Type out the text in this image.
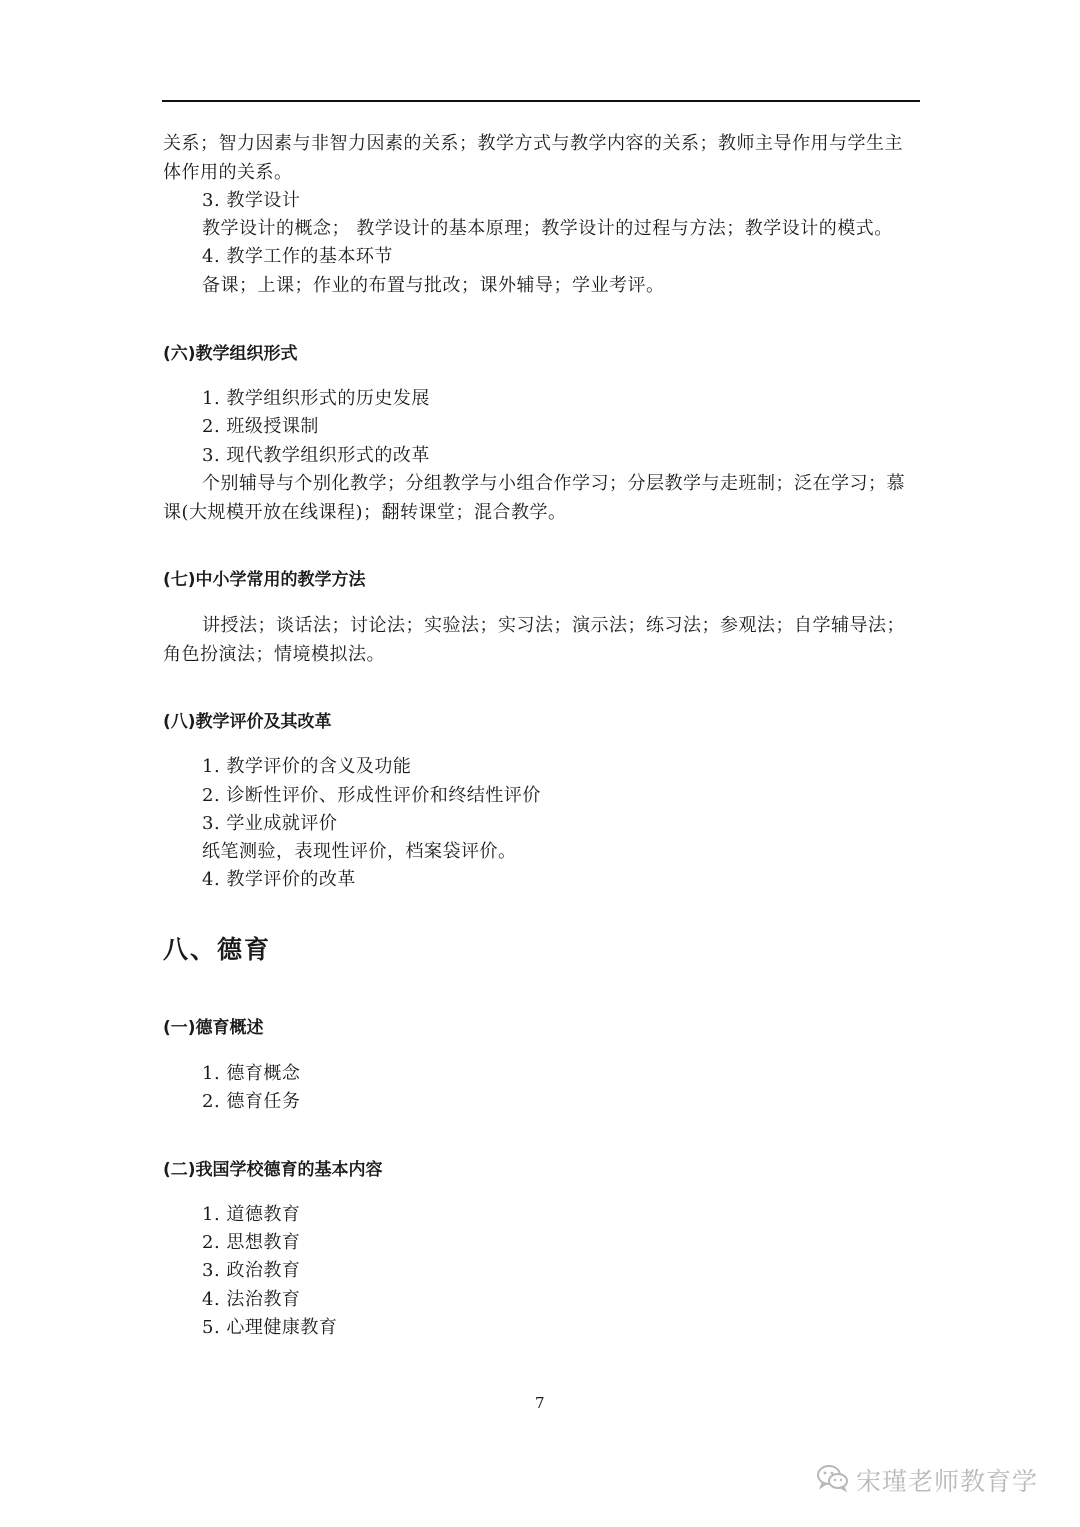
关系；智力因素与非智力因素的关系；教学方式与教学内容的关系；教师主导作用与学生主
体作用的关系。
3. 教学设计
教学设计的概念； 教学设计的基本原理；教学设计的过程与方法；教学设计的模式。
4. 教学工作的基本环节
备课；上课；作业的布置与批改；课外辅导；学业考评。
(六)教学组织形式
1. 教学组织形式的历史发展
2. 班级授课制
3. 现代教学组织形式的改革
个别辅导与个别化教学；分组教学与小组合作学习；分层教学与走班制；泛在学习；慕
课(大规模开放在线课程)；翻转课堂；混合教学。
(七)中小学常用的教学方法
讲授法；谈话法；讨论法；实验法；实习法；演示法；练习法；参观法；自学辅导法；
角色扮演法；情境模拟法。
(八)教学评价及其改革
1. 教学评价的含义及功能
2. 诊断性评价、形成性评价和终结性评价
3. 学业成就评价
纸笔测验，表现性评价，档案袋评价。
4. 教学评价的改革
八、德育
(一)德育概述
1. 德育概念
2. 德育任务
(二)我国学校德育的基本内容
1. 道德教育
2. 思想教育
3. 政治教育
4. 法治教育
5. 心理健康教育
7
宋瑾老师教育学
